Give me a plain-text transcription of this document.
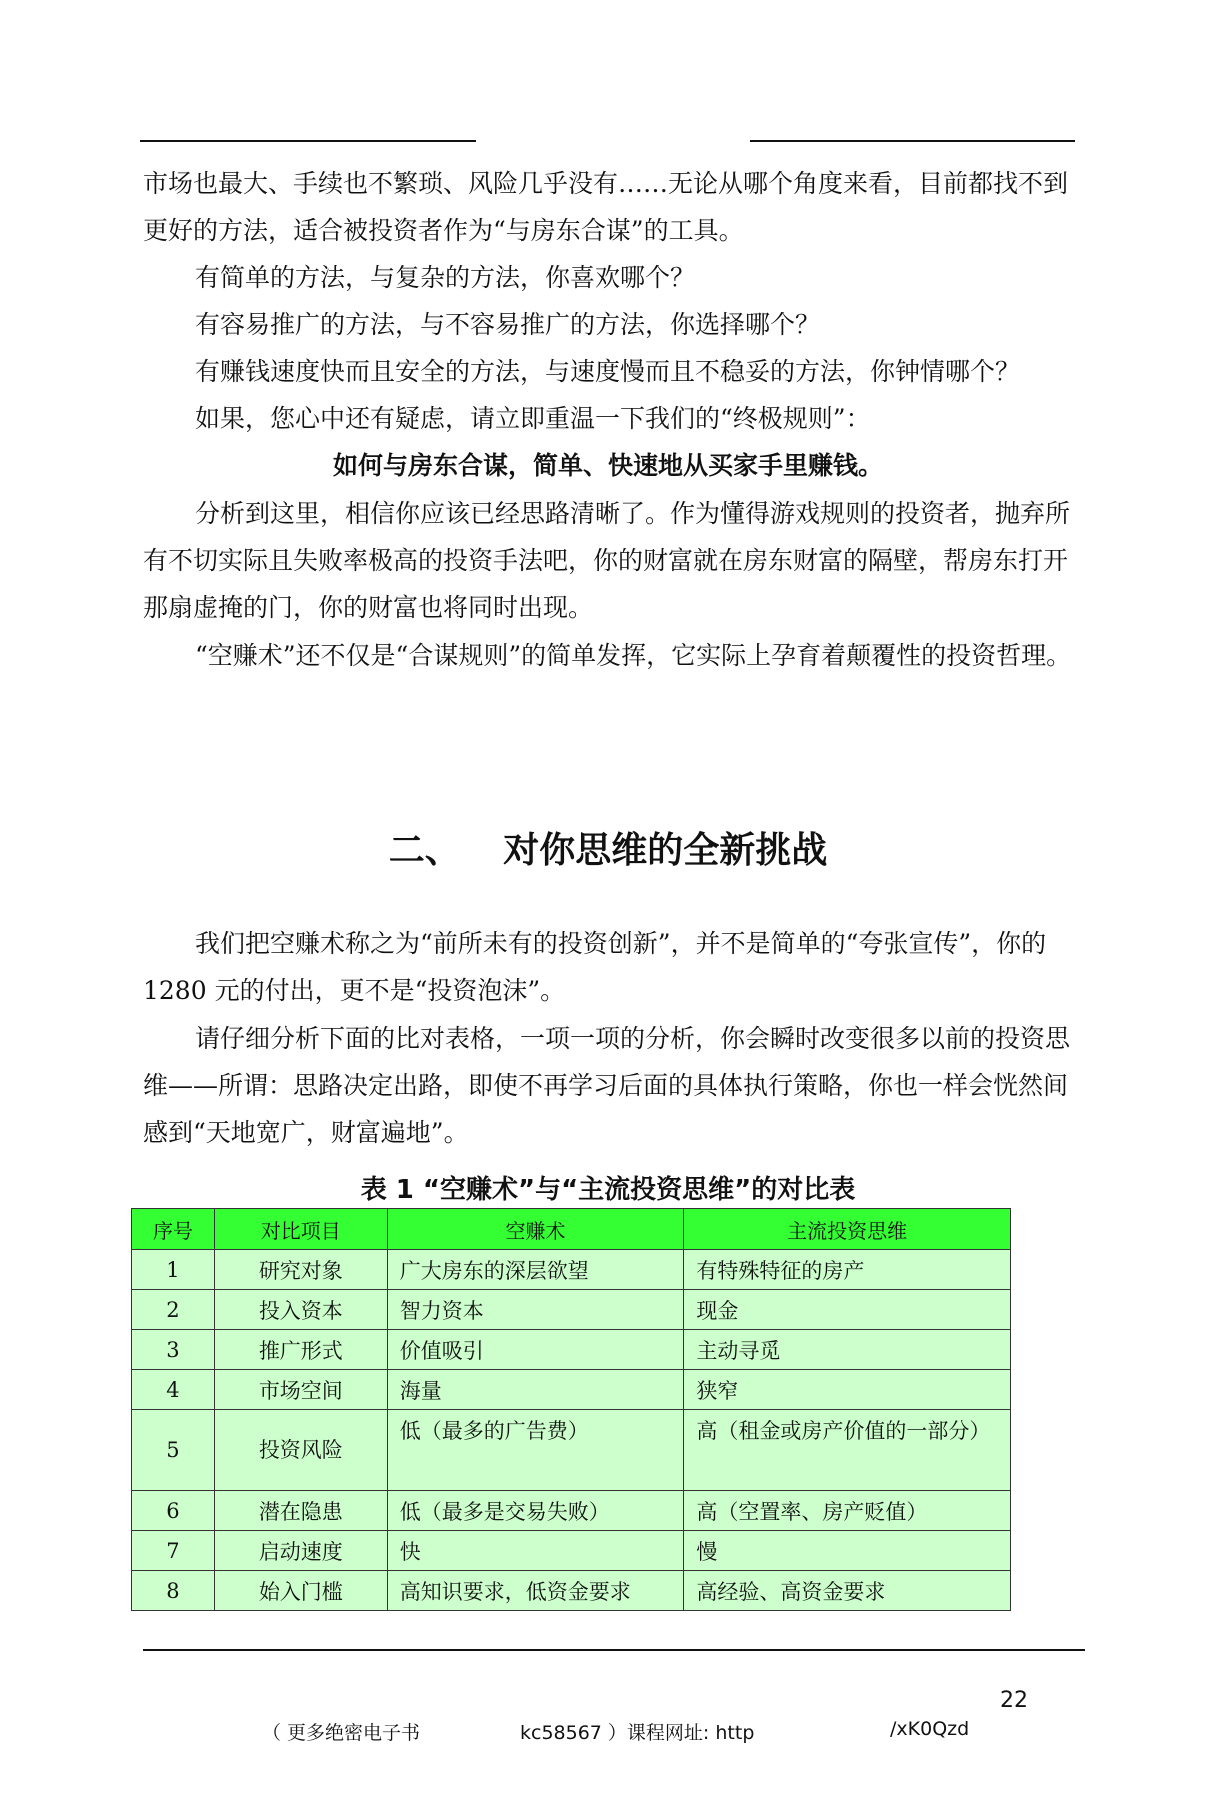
市场也最大、手续也不繁琐、风险几乎没有……无论从哪个角度来看，目前都找不到更好的方法，适合被投资者作为“与房东合谋”的工具。

有简单的方法，与复杂的方法，你喜欢哪个？

有容易推广的方法，与不容易推广的方法，你选择哪个？

有赚钱速度快而且安全的方法，与速度慢而且不稳妥的方法，你钟情哪个？

如果，您心中还有疑虑，请立即重温一下我们的“终极规则”：

如何与房东合谋，简单、快速地从买家手里赚钱。

分析到这里，相信你应该已经思路清晰了。作为懂得游戏规则的投资者，抛弃所有不切实际且失败率极高的投资手法吧，你的财富就在房东财富的隔壁，帮房东打开那扇虚掩的门，你的财富也将同时出现。

“空赚术”还不仅是“合谋规则”的简单发挥，它实际上孕育着颠覆性的投资哲理。

二、 对你思维的全新挑战

我们把空赚术称之为“前所未有的投资创新”，并不是简单的“夸张宣传”，你的 1280 元的付出，更不是“投资泡沫”。

请仔细分析下面的比对表格，一项一项的分析，你会瞬时改变很多以前的投资思维——所谓：思路决定出路，即使不再学习后面的具体执行策略，你也一样会恍然间感到“天地宽广，财富遍地”。

表 1 “空赚术”与“主流投资思维”的对比表
序号	对比项目	空赚术	主流投资思维
1	研究对象	广大房东的深层欲望	有特殊特征的房产
2	投入资本	智力资本	现金
3	推广形式	价值吸引	主动寻觅
4	市场空间	海量	狭窄
5	投资风险	低（最多的广告费）	高（租金或房产价值的一部分）
6	潜在隐患	低（最多是交易失败）	高（空置率、房产贬值）
7	启动速度	快	慢
8	始入门槛	高知识要求，低资金要求	高经验、高资金要求
22
（ 更多绝密电子书	kc58567 ）课程网址: http	/xK0Qzd
